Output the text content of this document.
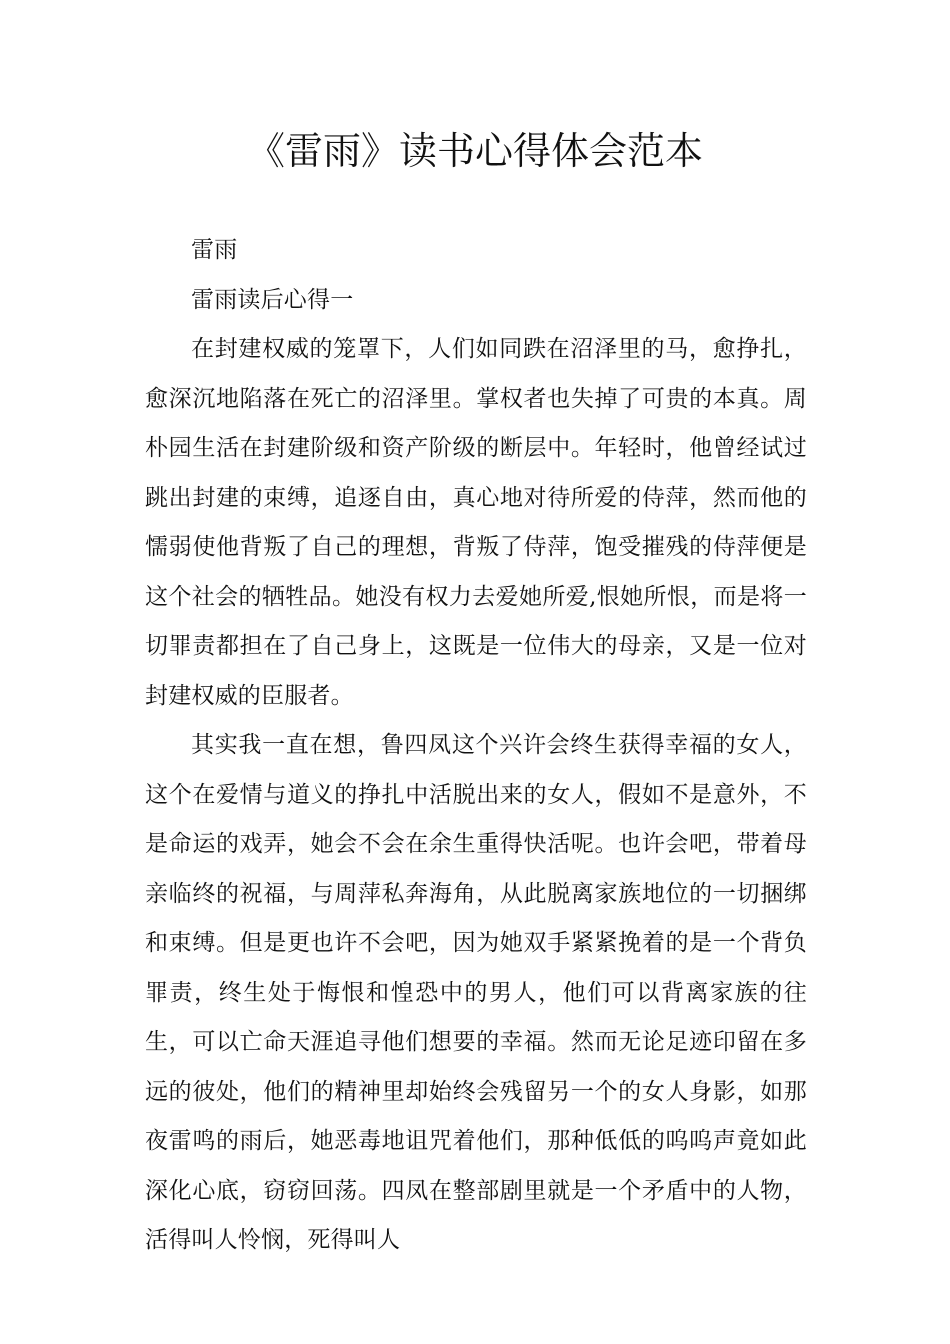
《雷雨》读书心得体会范本

雷雨

雷雨读后心得一

在封建权威的笼罩下，人们如同跌在沼泽里的马，愈挣扎，愈深沉地陷落在死亡的沼泽里。掌权者也失掉了可贵的本真。周朴园生活在封建阶级和资产阶级的断层中。年轻时，他曾经试过跳出封建的束缚，追逐自由，真心地对待所爱的侍萍，然而他的懦弱使他背叛了自己的理想，背叛了侍萍，饱受摧残的侍萍便是这个社会的牺牲品。她没有权力去爱她所爱,恨她所恨，而是将一切罪责都担在了自己身上，这既是一位伟大的母亲，又是一位对封建权威的臣服者。

其实我一直在想，鲁四凤这个兴许会终生获得幸福的女人，这个在爱情与道义的挣扎中活脱出来的女人，假如不是意外，不是命运的戏弄，她会不会在余生重得快活呢。也许会吧，带着母亲临终的祝福，与周萍私奔海角，从此脱离家族地位的一切捆绑和束缚。但是更也许不会吧，因为她双手紧紧挽着的是一个背负罪责，终生处于悔恨和惶恐中的男人，他们可以背离家族的往生，可以亡命天涯追寻他们想要的幸福。然而无论足迹印留在多远的彼处，他们的精神里却始终会残留另一个的女人身影，如那夜雷鸣的雨后，她恶毒地诅咒着他们，那种低低的呜呜声竟如此深化心底，窃窃回荡。四凤在整部剧里就是一个矛盾中的人物，活得叫人怜悯，死得叫人
